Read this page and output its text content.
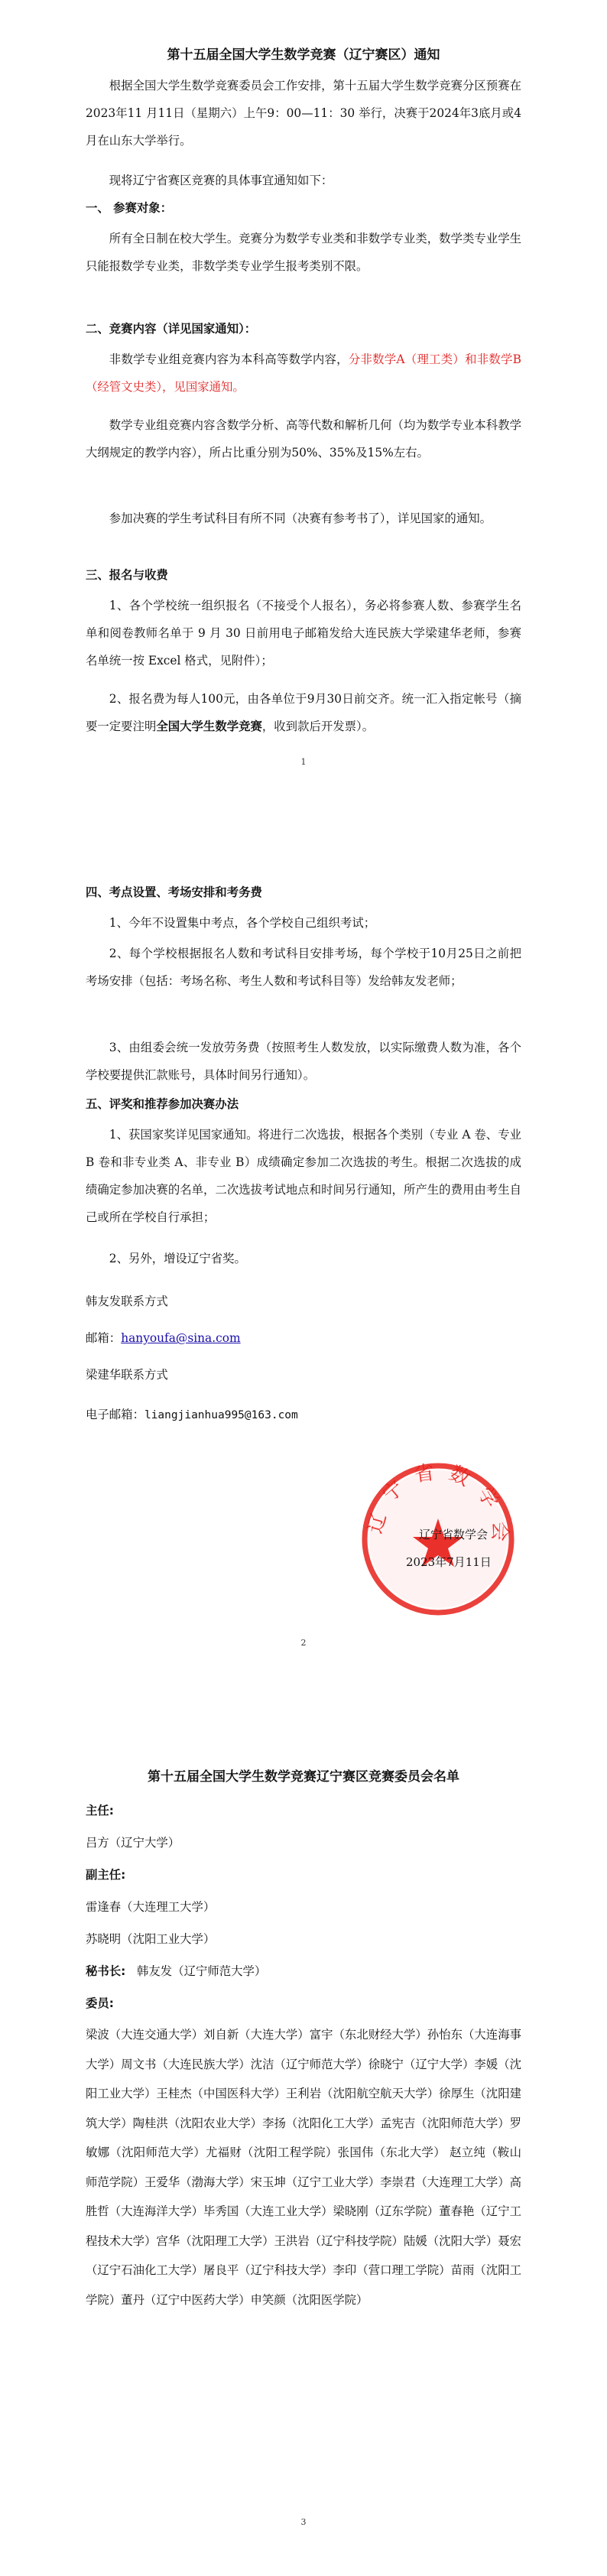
第十五届全国大学生数学竞赛（辽宁赛区）通知
根据全国大学生数学竞赛委员会工作安排，第十五届大学生数学竞赛分区预赛在2023年11 月11日（星期六）上午9：00—11：30 举行，决赛于2024年3底月或4月在山东大学举行。
现将辽宁省赛区竞赛的具体事宜通知如下：
一、 参赛对象：
所有全日制在校大学生。竞赛分为数学专业类和非数学专业类，数学类专业学生只能报数学专业类，非数学类专业学生报考类别不限。
二、竞赛内容（详见国家通知）：
非数学专业组竞赛内容为本科高等数学内容，分非数学A（理工类）和非数学B（经管文史类），见国家通知。
数学专业组竞赛内容含数学分析、高等代数和解析几何（均为数学专业本科教学大纲规定的教学内容），所占比重分别为50%、35%及15%左右。
参加决赛的学生考试科目有所不同（决赛有参考书了），详见国家的通知。
三、报名与收费
1、各个学校统一组织报名（不接受个人报名），务必将参赛人数、参赛学生名单和阅卷教师名单于 9 月 30 日前用电子邮箱发给大连民族大学梁建华老师，参赛名单统一按 Excel 格式，见附件）；
2、报名费为每人100元，由各单位于9月30日前交齐。统一汇入指定帐号（摘要一定要注明全国大学生数学竞赛，收到款后开发票）。
1
四、考点设置、考场安排和考务费
1、今年不设置集中考点，各个学校自己组织考试；
2、每个学校根据报名人数和考试科目安排考场，每个学校于10月25日之前把考场安排（包括：考场名称、考生人数和考试科目等）发给韩友发老师；
3、由组委会统一发放劳务费（按照考生人数发放，以实际缴费人数为准，各个学校要提供汇款账号，具体时间另行通知）。
五、评奖和推荐参加决赛办法
1、获国家奖详见国家通知。将进行二次选拔，根据各个类别（专业 A 卷、专业 B 卷和非专业类 A、非专业 B）成绩确定参加二次选拔的考生。根据二次选拔的成绩确定参加决赛的名单，二次选拔考试地点和时间另行通知，所产生的费用由考生自己或所在学校自行承担；
2、另外，增设辽宁省奖。
韩友发联系方式
邮箱：hanyoufa@sina.com
梁建华联系方式
电子邮箱：liangjianhua995@163.com
辽宁省数学会
辽宁省数学会
2023年7月11日
2
第十五届全国大学生数学竞赛辽宁赛区竞赛委员会名单
主任:
吕方（辽宁大学）
副主任:
雷逢春（大连理工大学）
苏晓明（沈阳工业大学）
秘书长: 韩友发（辽宁师范大学）
委员:
梁波（大连交通大学）刘自新（大连大学）富宇（东北财经大学）孙怡东（大连海事大学）周文书（大连民族大学）沈洁（辽宁师范大学）徐晓宁（辽宁大学）李媛（沈阳工业大学）王桂杰（中国医科大学）王利岩（沈阳航空航天大学）徐厚生（沈阳建筑大学）陶桂洪（沈阳农业大学）李扬（沈阳化工大学）孟宪吉（沈阳师范大学）罗敏娜（沈阳师范大学）尤福财（沈阳工程学院）张国伟（东北大学） 赵立纯（鞍山师范学院）王爱华（渤海大学）宋玉坤（辽宁工业大学）李崇君（大连理工大学）高胜哲（大连海洋大学）毕秀国（大连工业大学）梁晓刚（辽东学院）董春艳（辽宁工程技术大学）宫华（沈阳理工大学）王洪岩（辽宁科技学院）陆媛（沈阳大学）聂宏（辽宁石油化工大学）屠良平（辽宁科技大学）李印（营口理工学院）苗雨（沈阳工学院）董丹（辽宁中医药大学）申笑颜（沈阳医学院）
3
